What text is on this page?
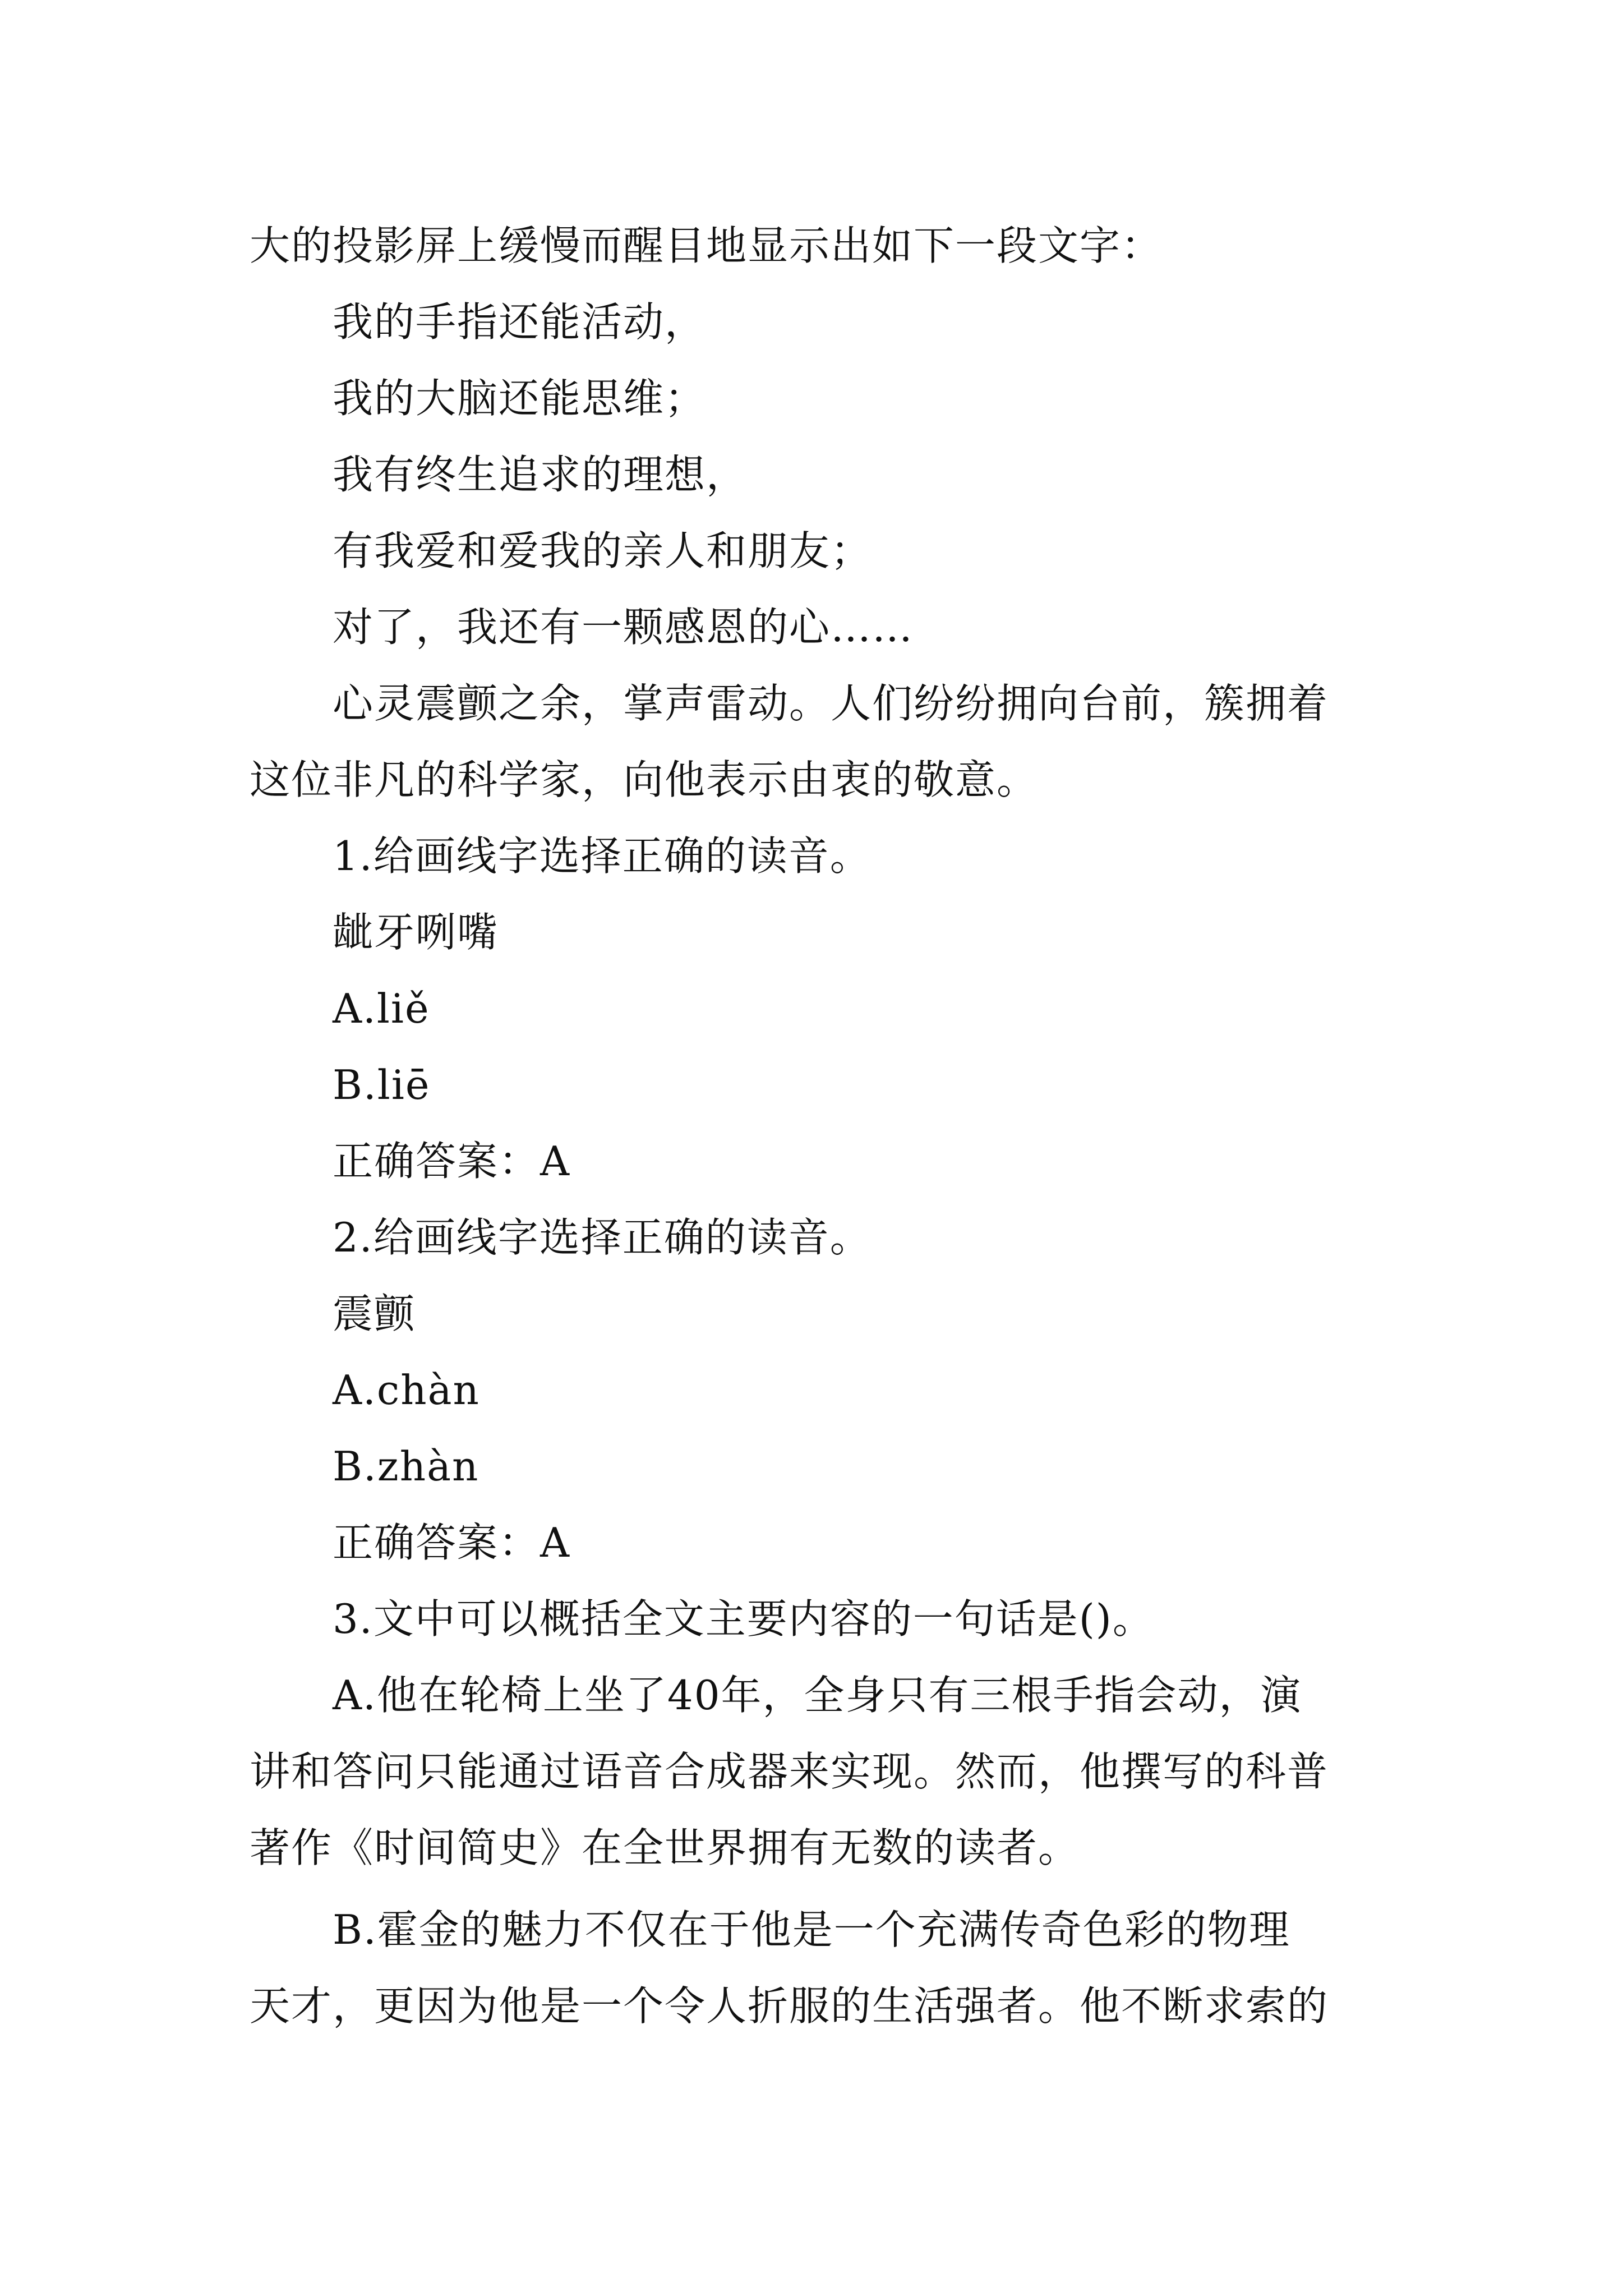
大的投影屏上缓慢而醒目地显示出如下一段文字：
我的手指还能活动，
我的大脑还能思维；
我有终生追求的理想，
有我爱和爱我的亲人和朋友；
对了，我还有一颗感恩的心……
心灵震颤之余，掌声雷动。人们纷纷拥向台前，簇拥着
这位非凡的科学家，向他表示由衷的敬意。
1.给画线字选择正确的读音。
龇牙咧嘴
A.liě
B.liē
正确答案：A
2.给画线字选择正确的读音。
震颤
A.chàn
B.zhàn
正确答案：A
3.文中可以概括全文主要内容的一句话是()。
A.他在轮椅上坐了40年，全身只有三根手指会动，演
讲和答问只能通过语音合成器来实现。然而，他撰写的科普
著作《时间简史》在全世界拥有无数的读者。
B.霍金的魅力不仅在于他是一个充满传奇色彩的物理
天才，更因为他是一个令人折服的生活强者。他不断求索的
